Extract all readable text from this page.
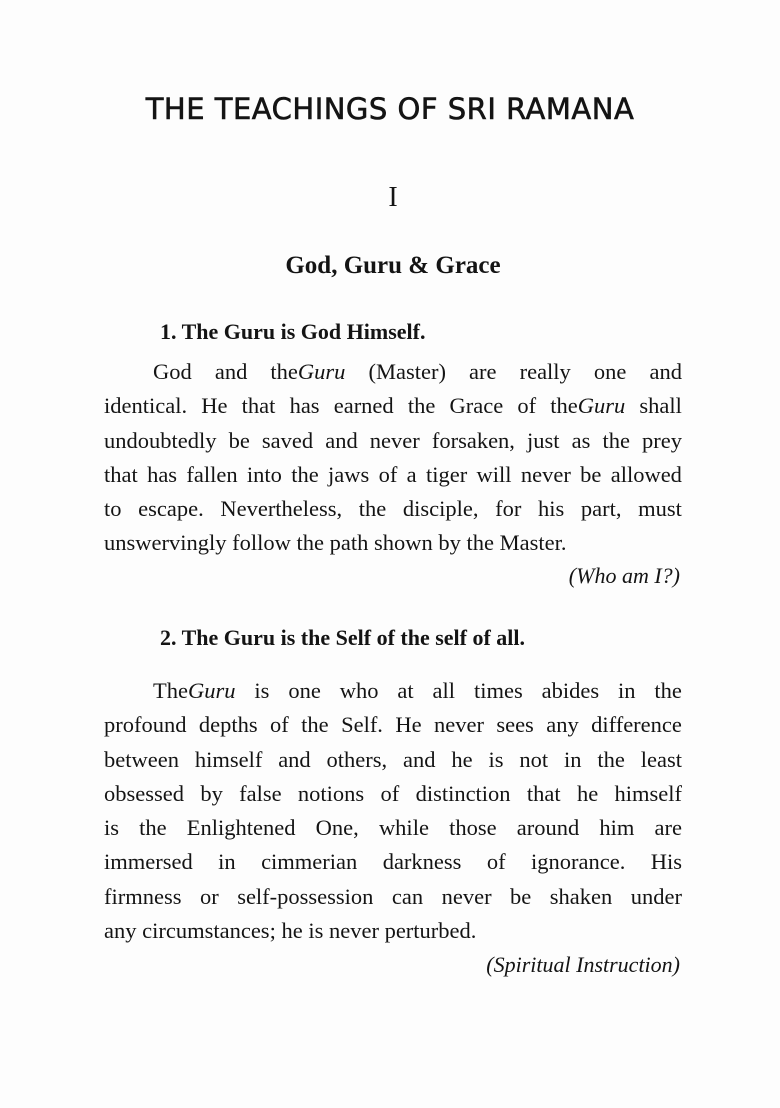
THE TEACHINGS OF SRI RAMANA
I
God, Guru & Grace
1. The Guru is God Himself.
God and theGuru (Master) are really one and
identical. He that has earned the Grace of theGuru shall
undoubtedly be saved and never forsaken, just as the prey
that has fallen into the jaws of a tiger will never be allowed
to escape. Nevertheless, the disciple, for his part, must
unswervingly follow the path shown by the Master.
(Who am I?)
2. The Guru is the Self of the self of all.
TheGuru is one who at all times abides in the
profound depths of the Self. He never sees any difference
between himself and others, and he is not in the least
obsessed by false notions of distinction that he himself
is the Enlightened One, while those around him are
immersed in cimmerian darkness of ignorance. His
firmness or self-possession can never be shaken under
any circumstances; he is never perturbed.
(Spiritual Instruction)
